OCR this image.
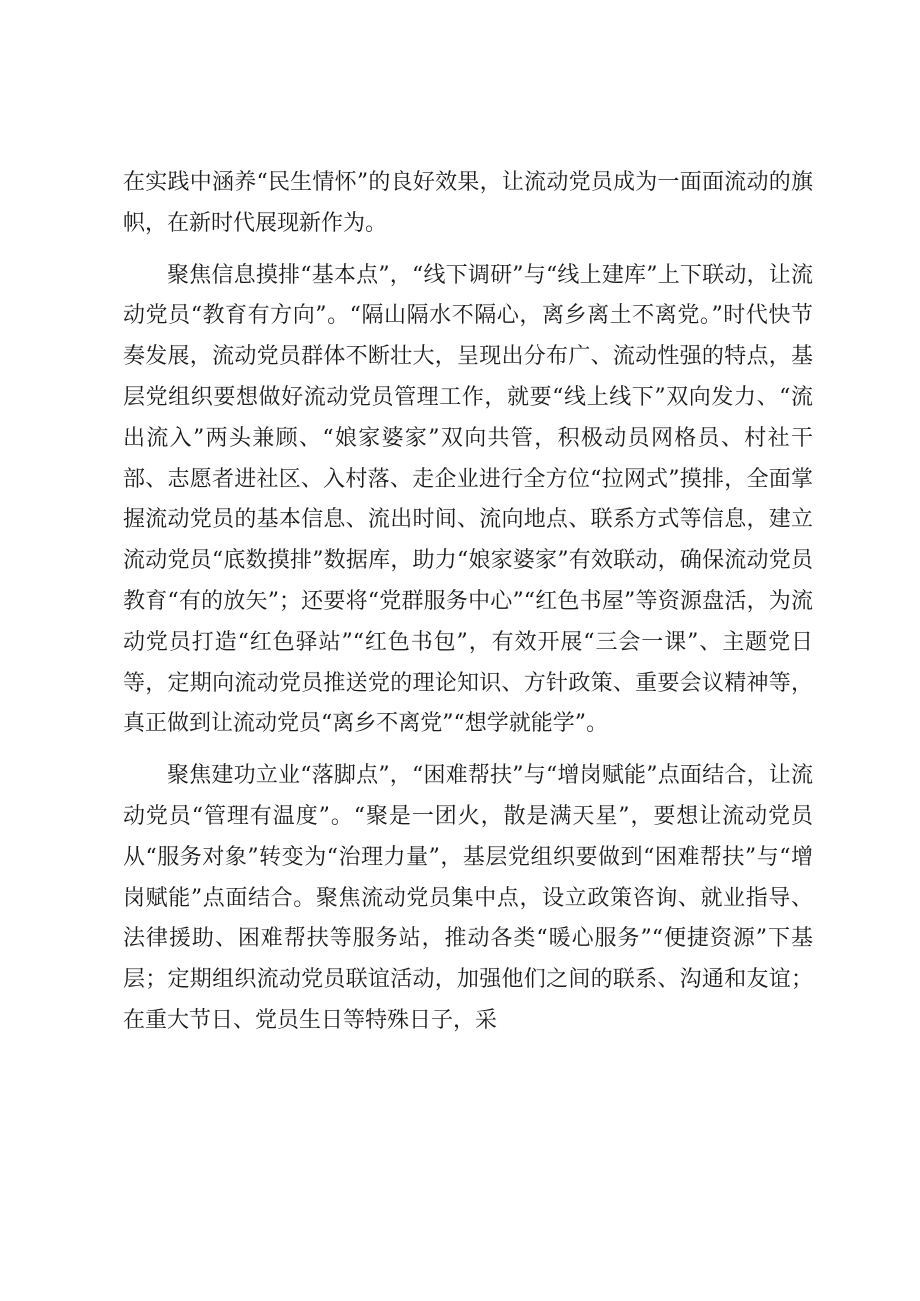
在实践中涵养“民生情怀”的良好效果，让流动党员成为一面面流动的旗帜，在新时代展现新作为。

聚焦信息摸排“基本点”，“线下调研”与“线上建库”上下联动，让流动党员“教育有方向”。“隔山隔水不隔心，离乡离土不离党。”时代快节奏发展，流动党员群体不断壮大，呈现出分布广、流动性强的特点，基层党组织要想做好流动党员管理工作，就要“线上线下”双向发力、“流出流入”两头兼顾、“娘家婆家”双向共管，积极动员网格员、村社干部、志愿者进社区、入村落、走企业进行全方位“拉网式”摸排，全面掌握流动党员的基本信息、流出时间、流向地点、联系方式等信息，建立流动党员“底数摸排”数据库，助力“娘家婆家”有效联动，确保流动党员教育“有的放矢”；还要将“党群服务中心”“红色书屋”等资源盘活，为流动党员打造“红色驿站”“红色书包”，有效开展“三会一课”、主题党日等，定期向流动党员推送党的理论知识、方针政策、重要会议精神等，真正做到让流动党员“离乡不离党”“想学就能学”。

聚焦建功立业“落脚点”，“困难帮扶”与“增岗赋能”点面结合，让流动党员“管理有温度”。“聚是一团火，散是满天星”，要想让流动党员从“服务对象”转变为“治理力量”，基层党组织要做到“困难帮扶”与“增岗赋能”点面结合。聚焦流动党员集中点，设立政策咨询、就业指导、法律援助、困难帮扶等服务站，推动各类“暖心服务”“便捷资源”下基层；定期组织流动党员联谊活动，加强他们之间的联系、沟通和友谊；在重大节日、党员生日等特殊日子，采
